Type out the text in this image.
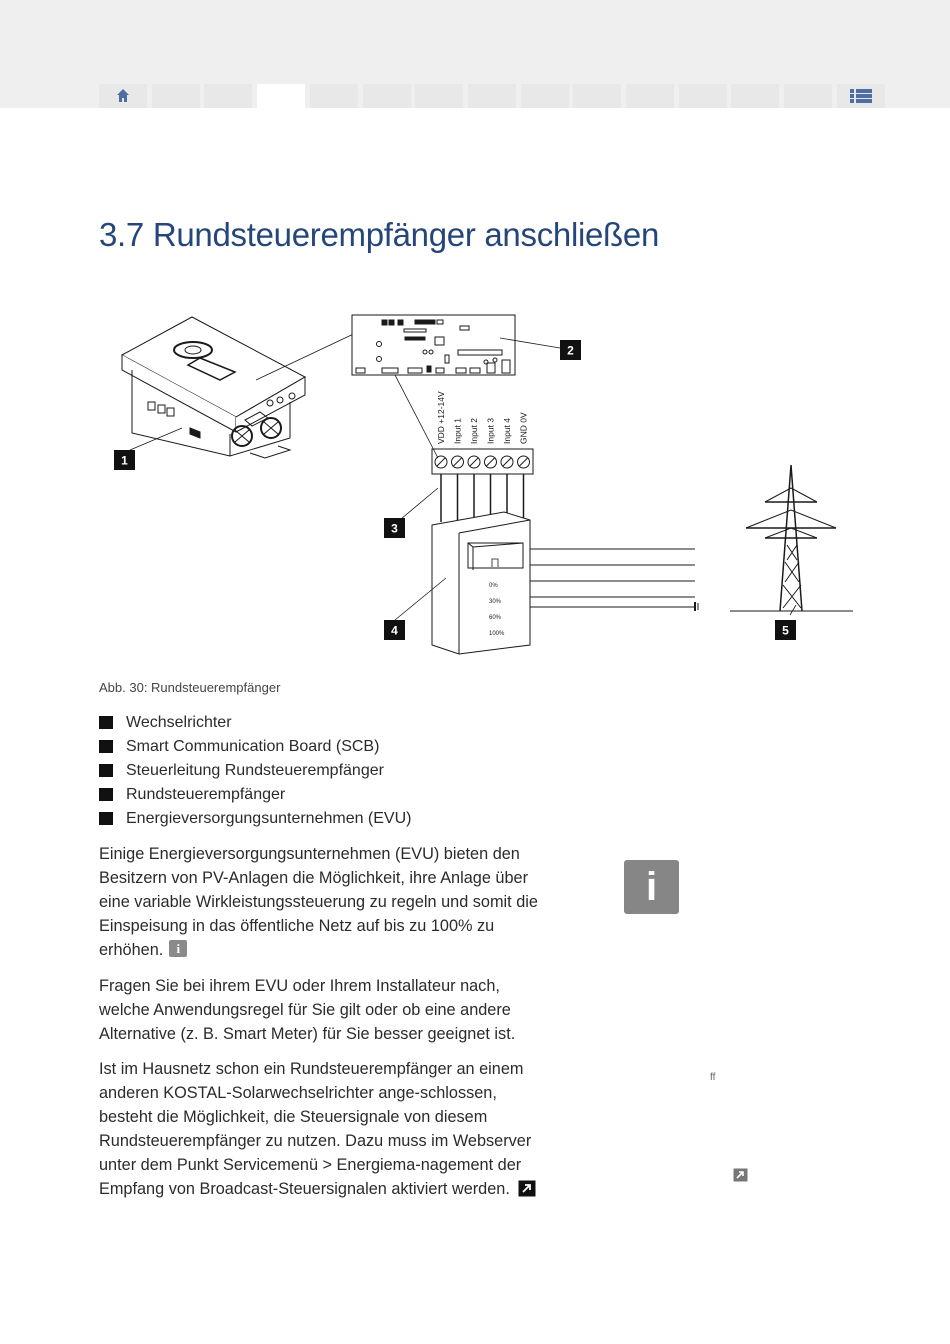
3.7 Rundsteuerempfänger anschließen
VDD +12-14V Input 1 Input 2 Input 3 Input 4 GND 0V
0%
30%
60%
100%
1
2
3
4	5
Abb. 30: Rundsteuerempfänger
Wechselrichter
Smart Communication Board (SCB)
Steuerleitung Rundsteuerempfänger
Rundsteuerempfänger
Energieversorgungsunternehmen (EVU)

Einige Energieversorgungsunternehmen (EVU) bieten den Besitzern von PV-Anlagen die Möglichkeit, ihre Anlage über eine variable Wirkleistungssteuerung zu regeln und somit die Einspeisung in das öffentliche Netz auf bis zu 100% zu erhöhen.	i

Fragen Sie bei ihrem EVU oder Ihrem Installateur nach, welche Anwendungsregel für Sie gilt oder ob eine andere Alternative (z. B. Smart Meter) für Sie besser geeignet ist.

Ist im Hausnetz schon ein Rundsteuerempfänger an einem anderen KOSTAL-Solarwechselrichter ange-schlossen, besteht die Möglichkeit, die Steuersignale von diesem Rundsteuerempfänger zu nutzen. Dazu muss im Webserver unter dem Punkt Servicemenü > Energiema-nagement der Empfang von Broadcast-Steuersignalen aktiviert werden.

i
ff
